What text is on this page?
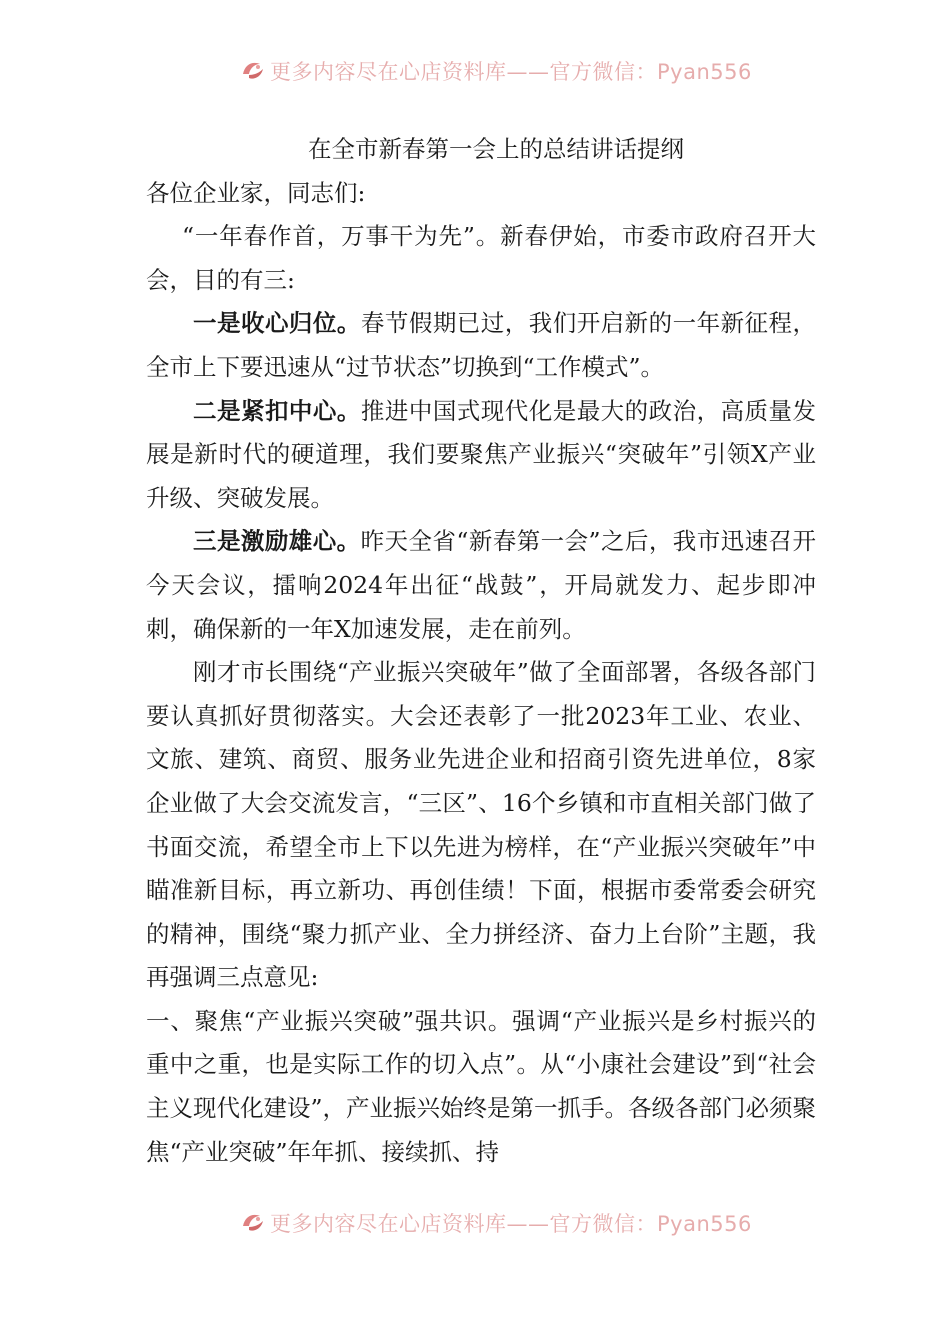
更多内容尽在心店资料库——官方微信：Pyan556

在全市新春第一会上的总结讲话提纲

各位企业家，同志们:

“一年春作首，万事干为先”。新春伊始，市委市政府召开大会，目的有三:

一是收心归位。春节假期已过，我们开启新的一年新征程，全市上下要迅速从“过节状态”切换到“工作模式”。

二是紧扣中心。推进中国式现代化是最大的政治，高质量发展是新时代的硬道理，我们要聚焦产业振兴“突破年”引领X产业升级、突破发展。

三是激励雄心。昨天全省“新春第一会”之后，我市迅速召开今天会议，擂响2024年出征“战鼓”，开局就发力、起步即冲刺，确保新的一年X加速发展，走在前列。

刚才市长围绕“产业振兴突破年”做了全面部署，各级各部门要认真抓好贯彻落实。大会还表彰了一批2023年工业、农业、文旅、建筑、商贸、服务业先进企业和招商引资先进单位，8家企业做了大会交流发言，“三区”、16个乡镇和市直相关部门做了书面交流，希望全市上下以先进为榜样，在“产业振兴突破年”中瞄准新目标，再立新功、再创佳绩！下面，根据市委常委会研究的精神，围绕“聚力抓产业、全力拼经济、奋力上台阶”主题，我再强调三点意见:

一、聚焦“产业振兴突破”强共识。强调“产业振兴是乡村振兴的重中之重，也是实际工作的切入点”。从“小康社会建设”到“社会主义现代化建设”，产业振兴始终是第一抓手。各级各部门必须聚焦“产业突破”年年抓、接续抓、持

更多内容尽在心店资料库——官方微信：Pyan556
